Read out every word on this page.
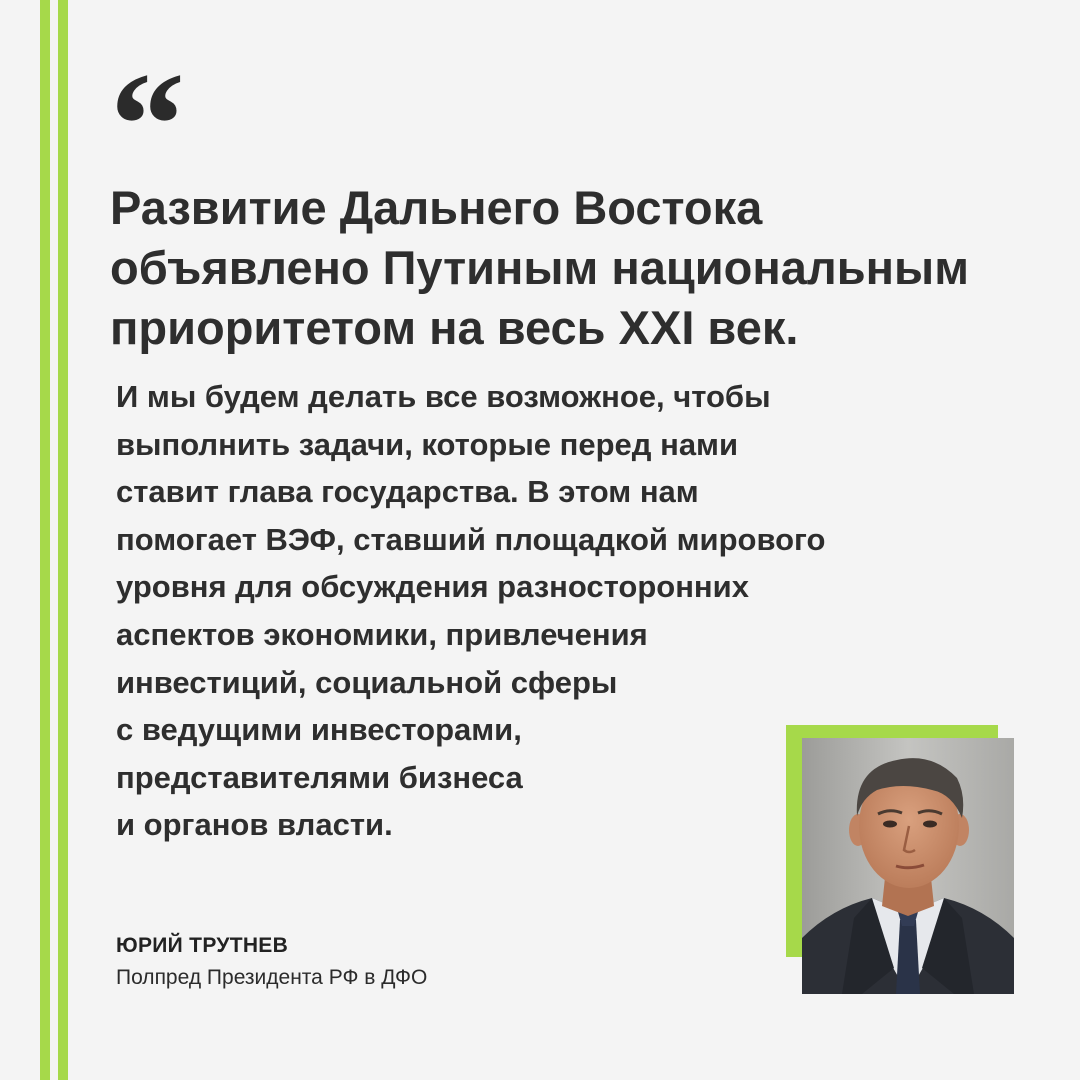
“

Развитие Дальнего Востока
объявлено Путиным национальным
приоритетом на весь XXI век.

И мы будем делать все возможное, чтобы
выполнить задачи, которые перед нами
ставит глава государства. В этом нам
помогает ВЭФ, ставший площадкой мирового
уровня для обсуждения разносторонних
аспектов экономики, привлечения
инвестиций, социальной сферы
с ведущими инвесторами,
представителями бизнеса
и органов власти.

ЮРИЙ ТРУТНЕВ
Полпред Президента РФ в ДФО
